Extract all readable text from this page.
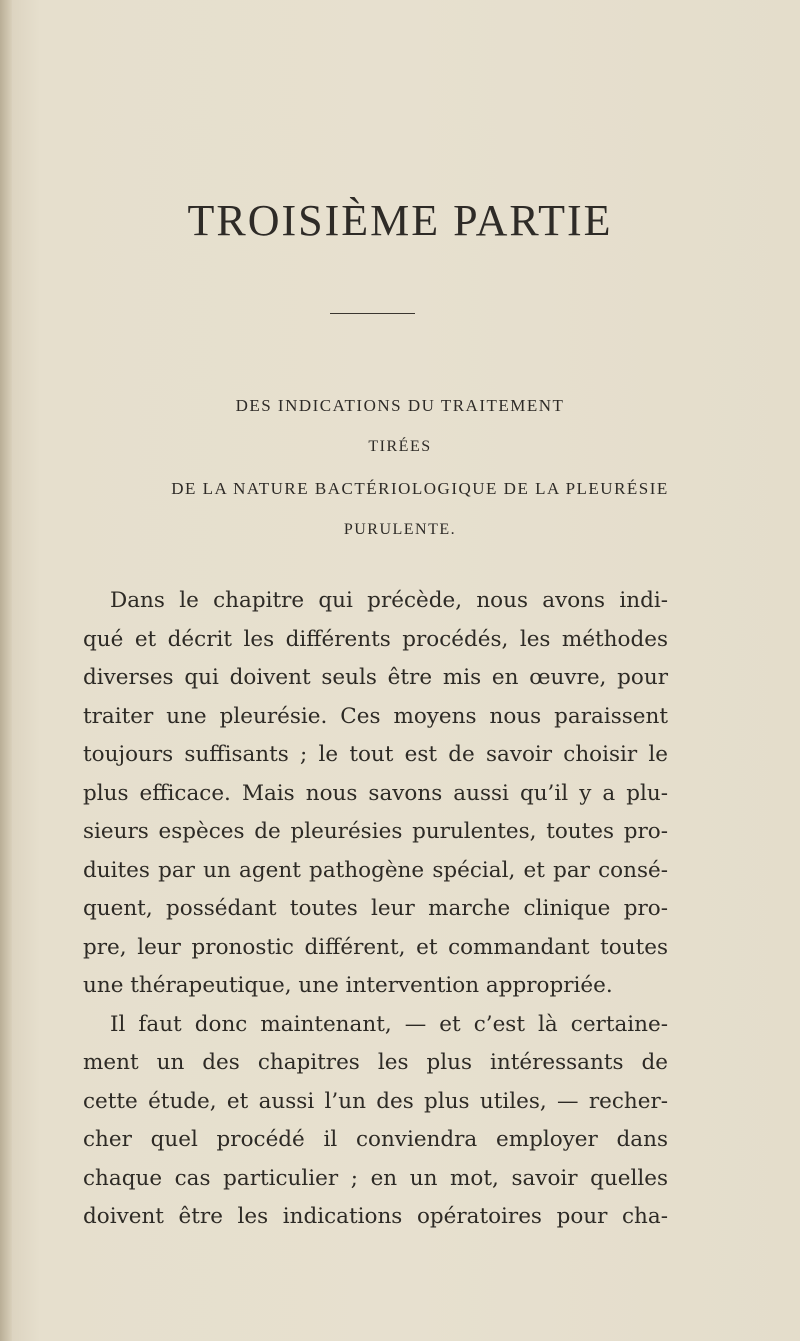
TROISIÈME PARTIE

DES INDICATIONS DU TRAITEMENT

TIRÉES

DE LA NATURE BACTÉRIOLOGIQUE DE LA PLEURÉSIE

PURULENTE.

Dans le chapitre qui précède, nous avons indi-
qué et décrit les différents procédés, les méthodes
diverses qui doivent seuls être mis en œuvre, pour
traiter une pleurésie. Ces moyens nous paraissent
toujours suffisants ; le tout est de savoir choisir le
plus efficace. Mais nous savons aussi qu’il y a plu-
sieurs espèces de pleurésies purulentes, toutes pro-
duites par un agent pathogène spécial, et par consé-
quent, possédant toutes leur marche clinique pro-
pre, leur pronostic différent, et commandant toutes
une thérapeutique, une intervention appropriée.
Il faut donc maintenant, — et c’est là certaine-
ment un des chapitres les plus intéressants de
cette étude, et aussi l’un des plus utiles, — recher-
cher quel procédé il conviendra employer dans
chaque cas particulier ; en un mot, savoir quelles
doivent être les indications opératoires pour cha-
